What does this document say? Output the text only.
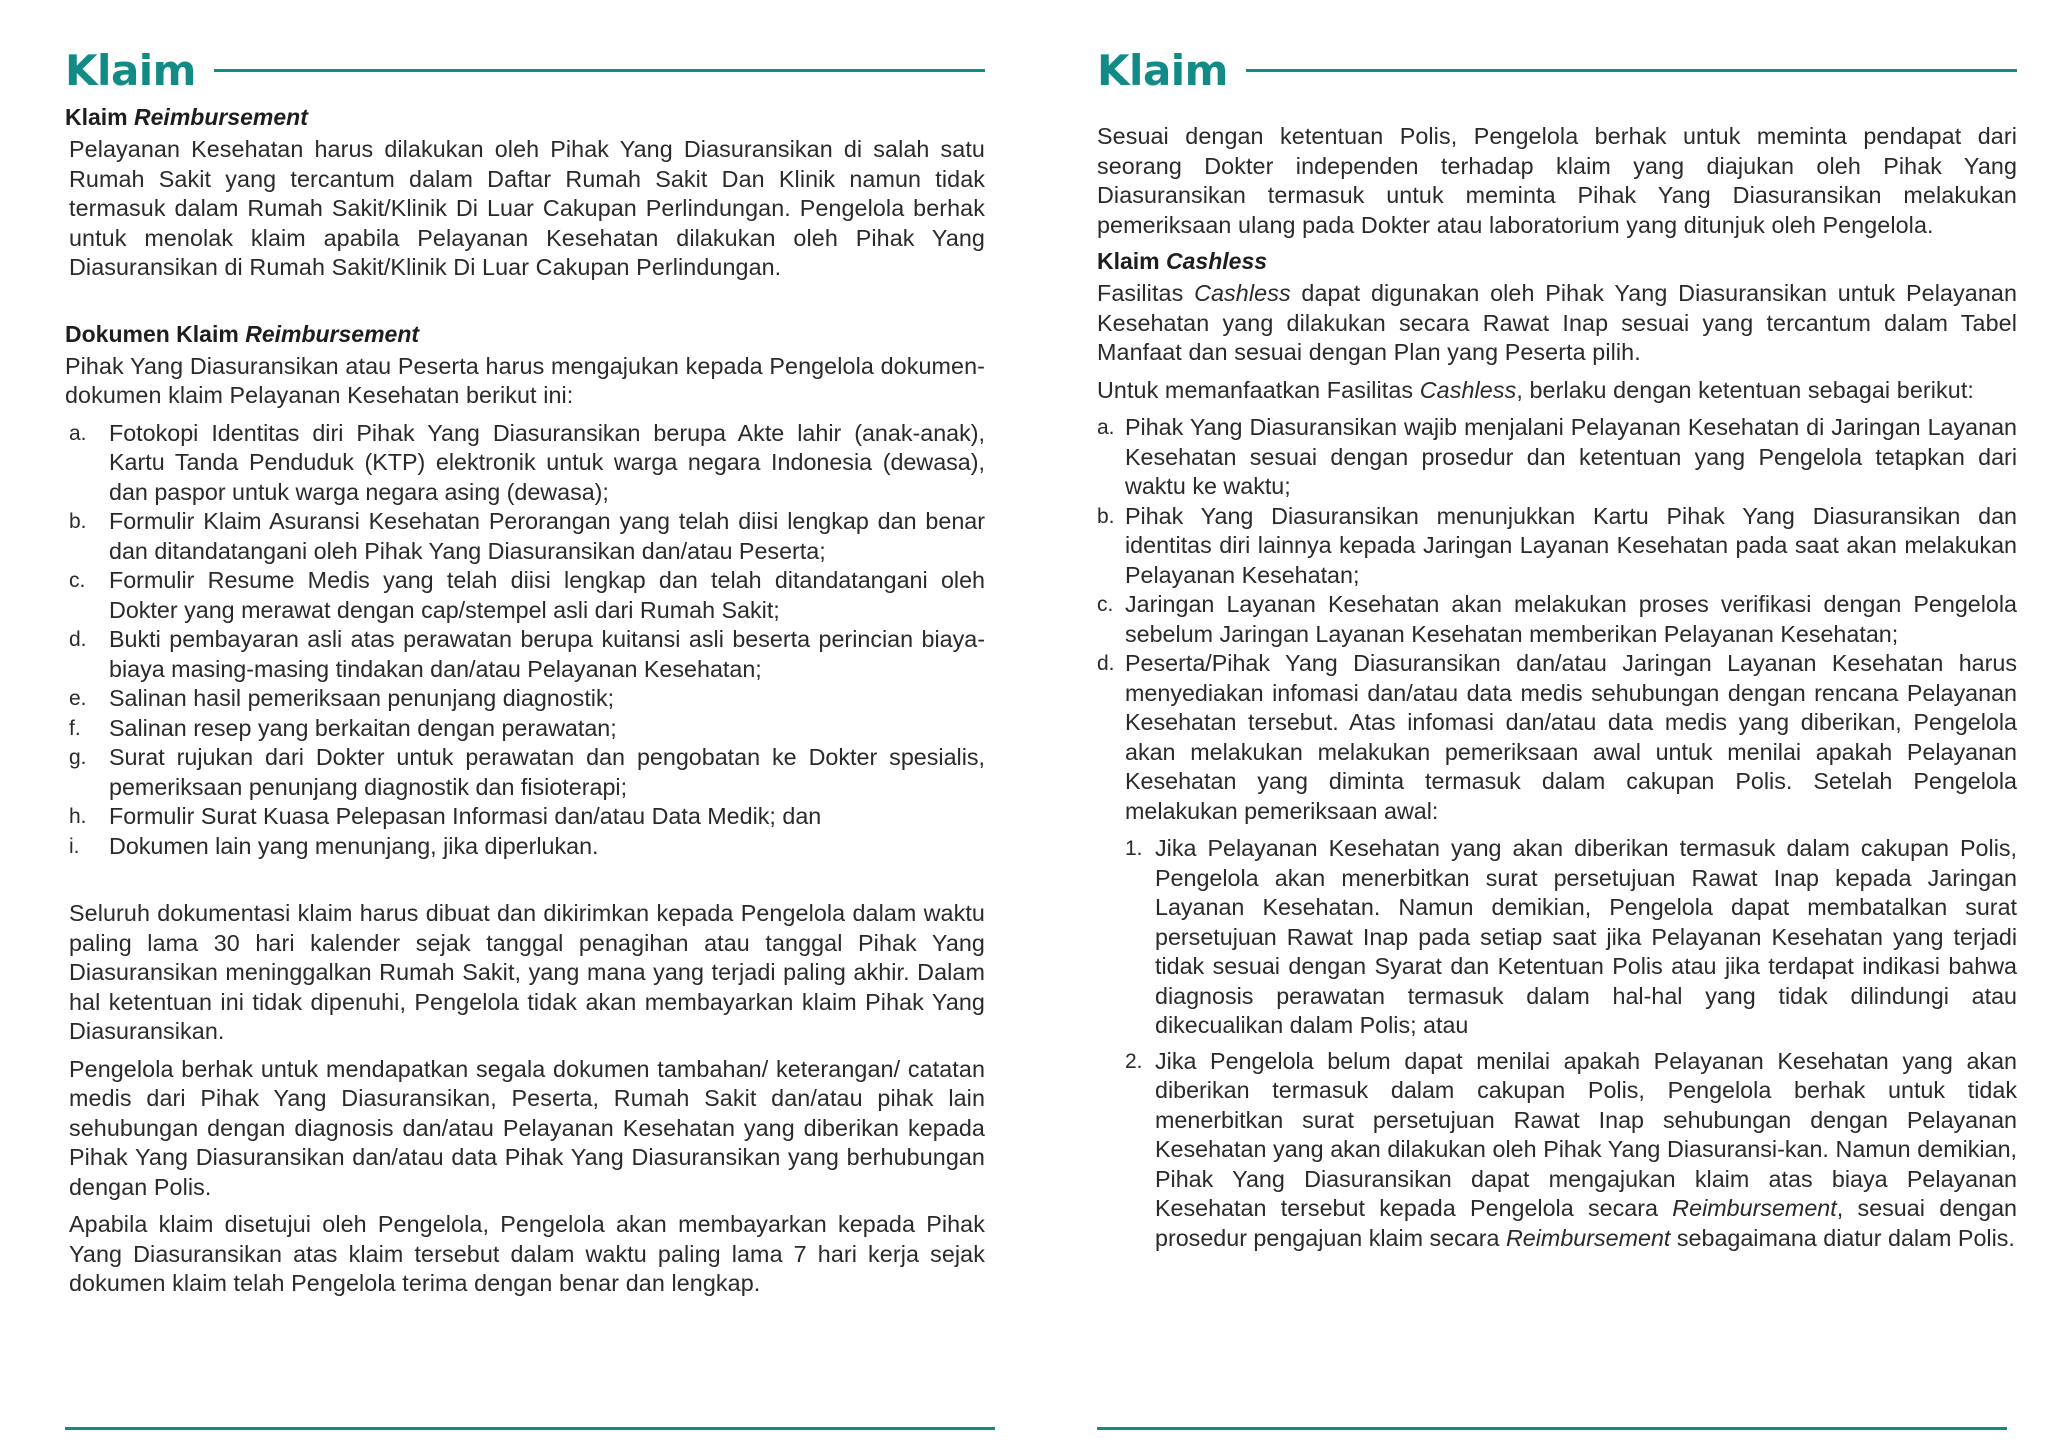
Klaim
Klaim Reimbursement

Pelayanan Kesehatan harus dilakukan oleh Pihak Yang Diasuransikan di salah satu Rumah Sakit yang tercantum dalam Daftar Rumah Sakit Dan Klinik namun tidak termasuk dalam Rumah Sakit/Klinik Di Luar Cakupan Perlindungan. Pengelola berhak untuk menolak klaim apabila Pelayanan Kesehatan dilakukan oleh Pihak Yang Diasuransikan di Rumah Sakit/Klinik Di Luar Cakupan Perlindungan.

Dokumen Klaim Reimbursement

Pihak Yang Diasuransikan atau Peserta harus mengajukan kepada Pengelola dokumen-dokumen klaim Pelayanan Kesehatan berikut ini:

a. Fotokopi Identitas diri Pihak Yang Diasuransikan berupa Akte lahir (anak-anak), Kartu Tanda Penduduk (KTP) elektronik untuk warga negara Indonesia (dewasa), dan paspor untuk warga negara asing (dewasa);
b. Formulir Klaim Asuransi Kesehatan Perorangan yang telah diisi lengkap dan benar dan ditandatangani oleh Pihak Yang Diasuransikan dan/atau Peserta;
c. Formulir Resume Medis yang telah diisi lengkap dan telah ditandatangani oleh Dokter yang merawat dengan cap/stempel asli dari Rumah Sakit;
d. Bukti pembayaran asli atas perawatan berupa kuitansi asli beserta perincian biaya-biaya masing-masing tindakan dan/atau Pelayanan Kesehatan;
e. Salinan hasil pemeriksaan penunjang diagnostik;
f. Salinan resep yang berkaitan dengan perawatan;
g. Surat rujukan dari Dokter untuk perawatan dan pengobatan ke Dokter spesialis, pemeriksaan penunjang diagnostik dan fisioterapi;
h. Formulir Surat Kuasa Pelepasan Informasi dan/atau Data Medik; dan
i. Dokumen lain yang menunjang, jika diperlukan.

Seluruh dokumentasi klaim harus dibuat dan dikirimkan kepada Pengelola dalam waktu paling lama 30 hari kalender sejak tanggal penagihan atau tanggal Pihak Yang Diasuransikan meninggalkan Rumah Sakit, yang mana yang terjadi paling akhir. Dalam hal ketentuan ini tidak dipenuhi, Pengelola tidak akan membayarkan klaim Pihak Yang Diasuransikan.

Pengelola berhak untuk mendapatkan segala dokumen tambahan/ keterangan/ catatan medis dari Pihak Yang Diasuransikan, Peserta, Rumah Sakit dan/atau pihak lain sehubungan dengan diagnosis dan/atau Pelayanan Kesehatan yang diberikan kepada Pihak Yang Diasuransikan dan/atau data Pihak Yang Diasuransikan yang berhubungan dengan Polis.

Apabila klaim disetujui oleh Pengelola, Pengelola akan membayarkan kepada Pihak Yang Diasuransikan atas klaim tersebut dalam waktu paling lama 7 hari kerja sejak dokumen klaim telah Pengelola terima dengan benar dan lengkap.

Klaim

Sesuai dengan ketentuan Polis, Pengelola berhak untuk meminta pendapat dari seorang Dokter independen terhadap klaim yang diajukan oleh Pihak Yang Diasuransikan termasuk untuk meminta Pihak Yang Diasuransikan melakukan pemeriksaan ulang pada Dokter atau laboratorium yang ditunjuk oleh Pengelola.

Klaim Cashless

Fasilitas Cashless dapat digunakan oleh Pihak Yang Diasuransikan untuk Pelayanan Kesehatan yang dilakukan secara Rawat Inap sesuai yang tercantum dalam Tabel Manfaat dan sesuai dengan Plan yang Peserta pilih.

Untuk memanfaatkan Fasilitas Cashless, berlaku dengan ketentuan sebagai berikut:

a. Pihak Yang Diasuransikan wajib menjalani Pelayanan Kesehatan di Jaringan Layanan Kesehatan sesuai dengan prosedur dan ketentuan yang Pengelola tetapkan dari waktu ke waktu;
b. Pihak Yang Diasuransikan menunjukkan Kartu Pihak Yang Diasuransikan dan identitas diri lainnya kepada Jaringan Layanan Kesehatan pada saat akan melakukan Pelayanan Kesehatan;
c. Jaringan Layanan Kesehatan akan melakukan proses verifikasi dengan Pengelola sebelum Jaringan Layanan Kesehatan memberikan Pelayanan Kesehatan;
d. Peserta/Pihak Yang Diasuransikan dan/atau Jaringan Layanan Kesehatan harus menyediakan infomasi dan/atau data medis sehubungan dengan rencana Pelayanan Kesehatan tersebut. Atas infomasi dan/atau data medis yang diberikan, Pengelola akan melakukan melakukan pemeriksaan awal untuk menilai apakah Pelayanan Kesehatan yang diminta termasuk dalam cakupan Polis. Setelah Pengelola melakukan pemeriksaan awal:
1. Jika Pelayanan Kesehatan yang akan diberikan termasuk dalam cakupan Polis, Pengelola akan menerbitkan surat persetujuan Rawat Inap kepada Jaringan Layanan Kesehatan. Namun demikian, Pengelola dapat membatalkan surat persetujuan Rawat Inap pada setiap saat jika Pelayanan Kesehatan yang terjadi tidak sesuai dengan Syarat dan Ketentuan Polis atau jika terdapat indikasi bahwa diagnosis perawatan termasuk dalam hal-hal yang tidak dilindungi atau dikecualikan dalam Polis; atau
2. Jika Pengelola belum dapat menilai apakah Pelayanan Kesehatan yang akan diberikan termasuk dalam cakupan Polis, Pengelola berhak untuk tidak menerbitkan surat persetujuan Rawat Inap sehubungan dengan Pelayanan Kesehatan yang akan dilakukan oleh Pihak Yang Diasuransi-kan. Namun demikian, Pihak Yang Diasuransikan dapat mengajukan klaim atas biaya Pelayanan Kesehatan tersebut kepada Pengelola secara Reimbursement, sesuai dengan prosedur pengajuan klaim secara Reimbursement sebagaimana diatur dalam Polis.
